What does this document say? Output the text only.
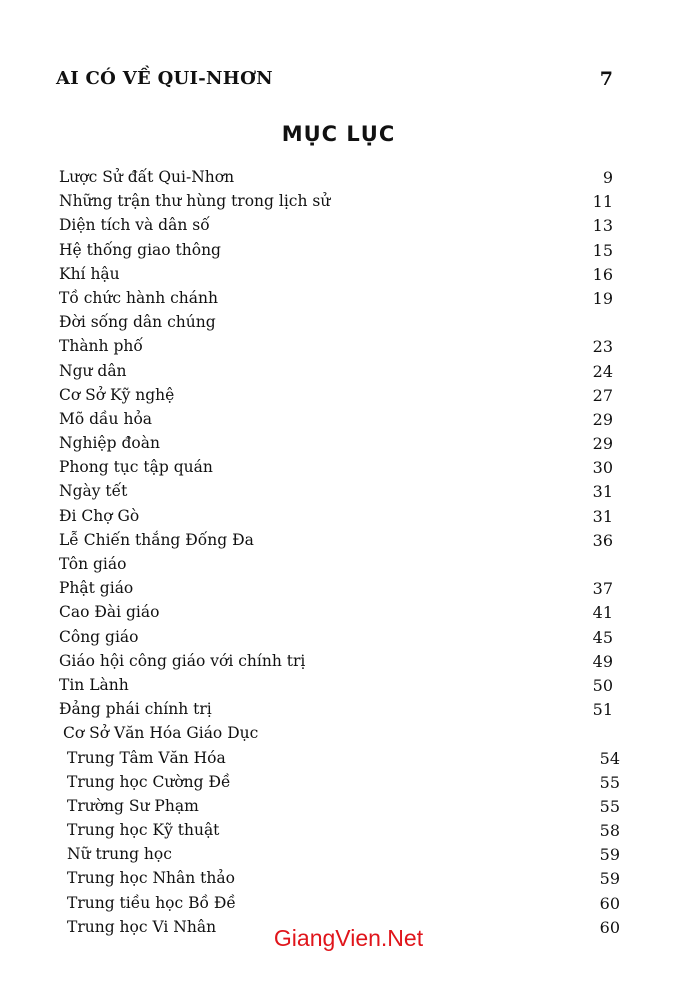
AI CÓ VỀ QUI-NHƠN	7
MỤC LỤC
Lược Sử đất Qui-Nhơn	9
Những trận thư hùng trong lịch sử	11
Diện tích và dân số	13
Hệ thống giao thông	15
Khí hậu	16
Tồ chức hành chánh	19
Đời sống dân chúng
Thành phố	23
Ngư dân	24
Cơ Sở Kỹ nghệ	27
Mõ dầu hỏa	29
Nghiệp đoàn	29
Phong tục tập quán	30
Ngày tết	31
Đi Chợ Gò	31
Lễ Chiến thắng Đống Đa	36
Tôn giáo
Phật giáo	37
Cao Đài giáo	41
Công giáo	45
Giáo hội công giáo với chính trị	49
Tin Lành	50
Đảng phái chính trị	51
Cơ Sở Văn Hóa Giáo Dục
Trung Tâm Văn Hóa	54
Trung học Cường Đề	55
Trường Sư Phạm	55
Trung học Kỹ thuật	58
Nữ trung học	59
Trung học Nhân thảo	59
Trung tiều học Bồ Đề	60
Trung học Vi Nhân	60
GiangVien.Net
